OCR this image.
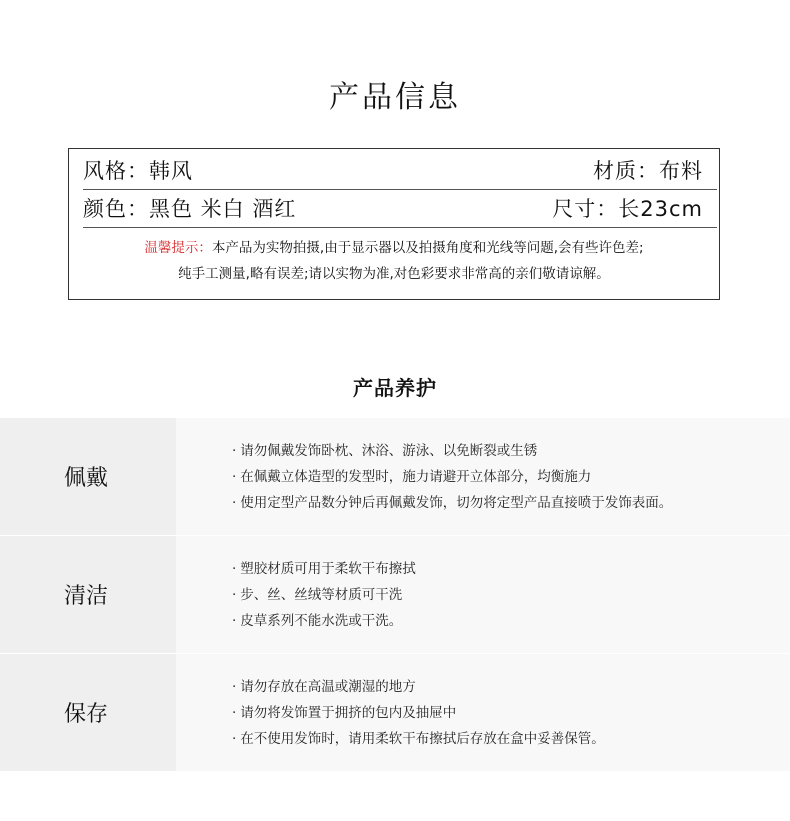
产品信息
风格：韩风	材质：布料
颜色：黑色 米白 酒红	尺寸：长23cm
温馨提示：本产品为实物拍摄,由于显示器以及拍摄角度和光线等问题,会有些许色差;
纯手工测量,略有误差;请以实物为准,对色彩要求非常高的亲们敬请谅解。
产品养护
佩戴
· 请勿佩戴发饰卧枕、沐浴、游泳、以免断裂或生锈
· 在佩戴立体造型的发型时，施力请避开立体部分，均衡施力
· 使用定型产品数分钟后再佩戴发饰，切勿将定型产品直接喷于发饰表面。
清洁
· 塑胶材质可用于柔软干布擦拭
· 步、丝、丝绒等材质可干洗
· 皮草系列不能水洗或干洗。
保存
· 请勿存放在高温或潮湿的地方
· 请勿将发饰置于拥挤的包内及抽屉中
· 在不使用发饰时，请用柔软干布擦拭后存放在盒中妥善保管。
